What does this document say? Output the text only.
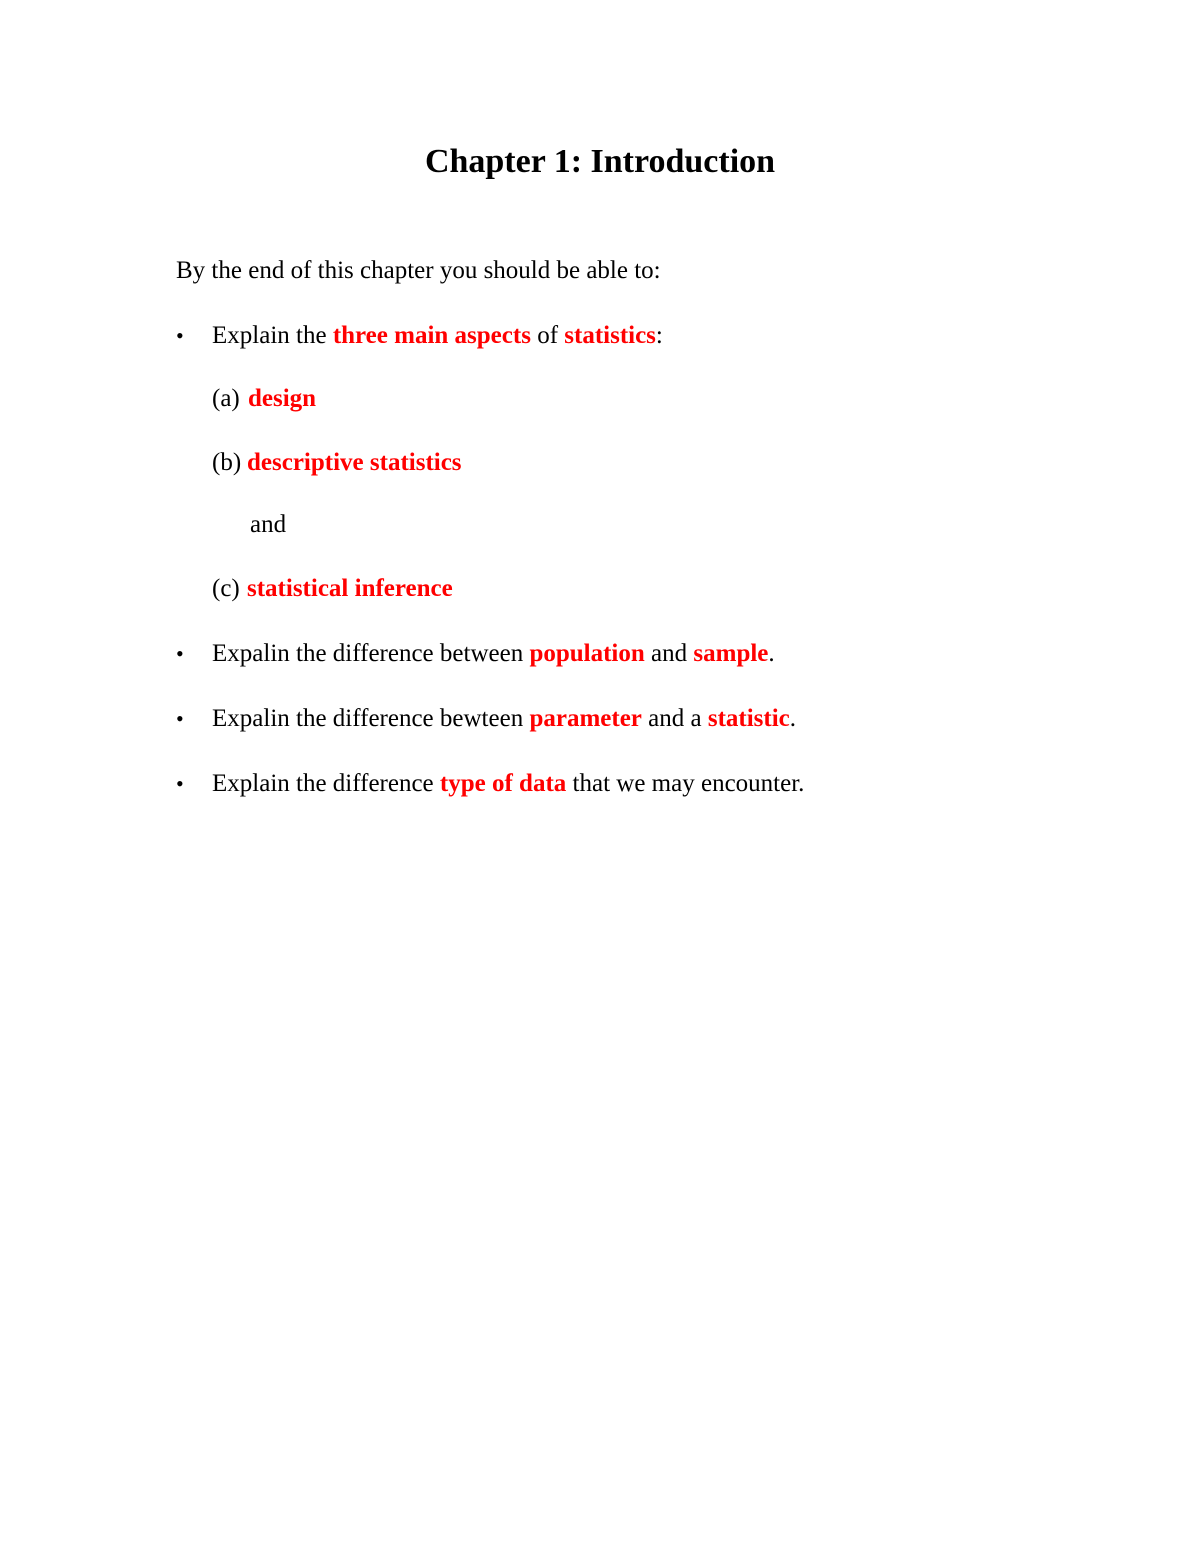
Chapter 1: Introduction
By the end of this chapter you should be able to:
• Explain the three main aspects of statistics:
(a) design
(b) descriptive statistics
and
(c) statistical inference
• Expalin the difference between population and sample.
• Expalin the difference bewteen parameter and a statistic.
• Explain the difference type of data that we may encounter.
